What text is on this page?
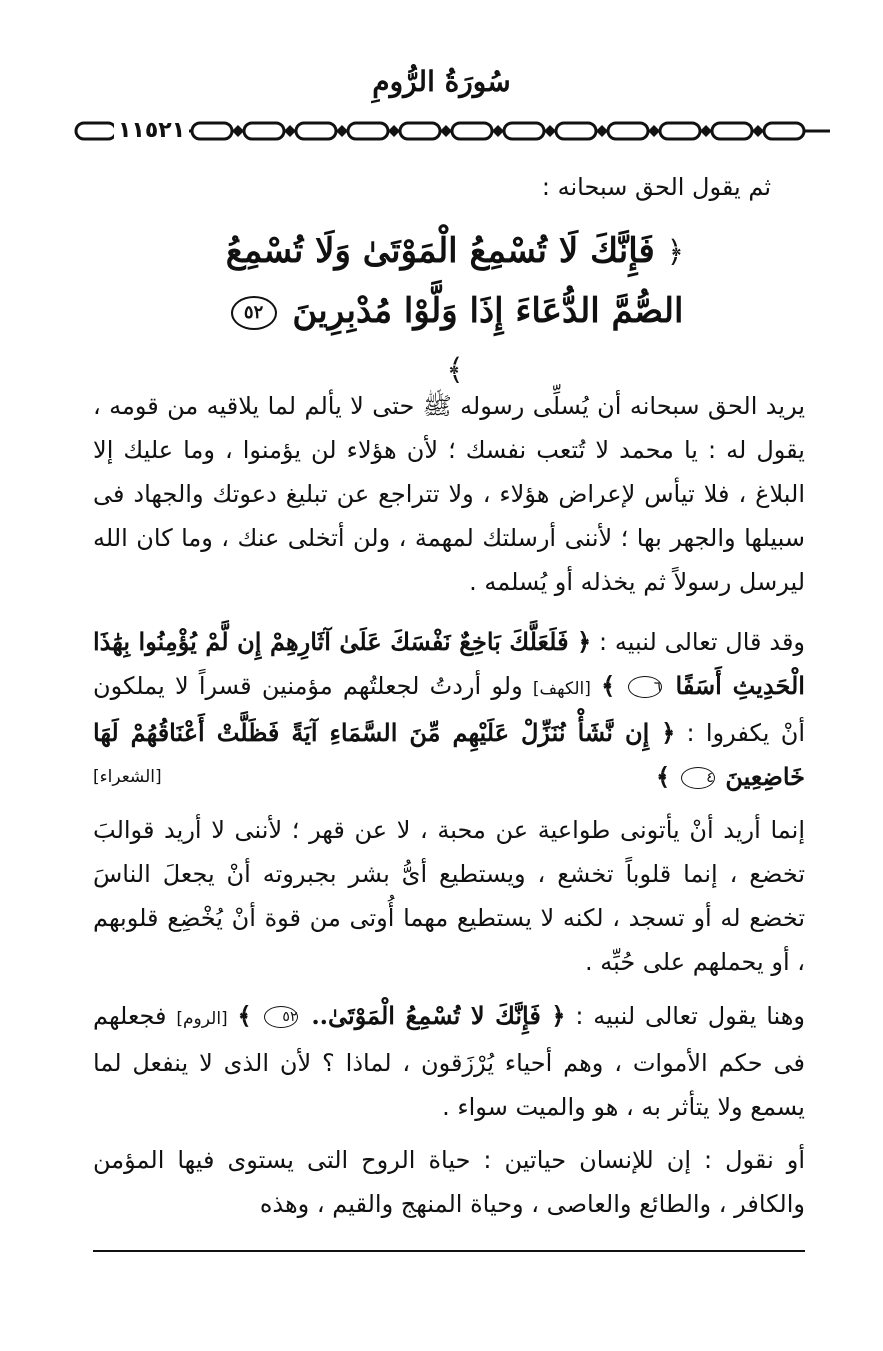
سُورَةُ الرُّومِ
١١٥٢١
ثم يقول الحق سبحانه :
﴿ فَإِنَّكَ لَا تُسْمِعُ الْمَوْتَىٰ وَلَا تُسْمِعُ
الصُّمَّ الدُّعَاءَ إِذَا وَلَّوْا مُدْبِرِينَ ٥٢ ﴾
يريد الحق سبحانه أن يُسلِّى رسوله ﷺ حتى لا يألم لما يلاقيه من قومه ، يقول له : يا محمد لا تُتعب نفسك ؛ لأن هؤلاء لن يؤمنوا ، وما عليك إلا البلاغ ، فلا تيأس لإعراض هؤلاء ، ولا تتراجع عن تبليغ دعوتك والجهاد فى سبيلها والجهر بها ؛ لأننى أرسلتك لمهمة ، ولن أتخلى عنك ، وما كان الله ليرسل رسولاً ثم يخذله أو يُسلمه .
وقد قال تعالى لنبيه : ﴿ فَلَعَلَّكَ بَاخِعٌ نَفْسَكَ عَلَىٰ آثَارِهِمْ إِن لَّمْ يُؤْمِنُوا بِهَٰذَا الْحَدِيثِ أَسَفًا ٦ ﴾ [الكهف] ولو أردتُ لجعلتُهم مؤمنين قسراً لا يملكون أنْ يكفروا : ﴿ إِن نَّشَأْ نُنَزِّلْ عَلَيْهِم مِّنَ السَّمَاءِ آيَةً فَظَلَّتْ أَعْنَاقُهُمْ لَهَا خَاضِعِينَ ٤ ﴾
[الشعراء]
إنما أريد أنْ يأتونى طواعية عن محبة ، لا عن قهر ؛ لأننى لا أريد قوالبَ تخضع ، إنما قلوباً تخشع ، ويستطيع أىُّ بشر بجبروته أنْ يجعلَ الناسَ تخضع له أو تسجد ، لكنه لا يستطيع مهما أُوتى من قوة أنْ يُخْضِع قلوبهم ، أو يحملهم على حُبِّه .
وهنا يقول تعالى لنبيه : ﴿ فَإِنَّكَ لا تُسْمِعُ الْمَوْتَىٰ.. ٥٢ ﴾ [الروم] فجعلهم فى حكم الأموات ، وهم أحياء يُرْزَقون ، لماذا ؟ لأن الذى لا ينفعل لما يسمع ولا يتأثر به ، هو والميت سواء .
أو نقول : إن للإنسان حياتين : حياة الروح التى يستوى فيها المؤمن والكافر ، والطائع والعاصى ، وحياة المنهج والقيم ، وهذه
